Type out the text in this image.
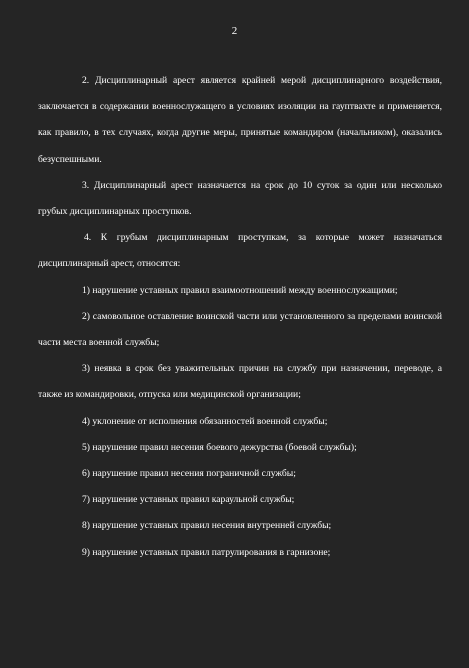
2

2. Дисциплинарный арест является крайней мерой дисциплинарного воздействия, заключается в содержании военнослужащего в условиях изоляции на гауптвахте и применяется, как правило, в тех случаях, когда другие меры, принятые командиром (начальником), оказались безуспешными.

3. Дисциплинарный арест назначается на срок до 10 суток за один или несколько грубых дисциплинарных проступков.

4. К грубым дисциплинарным проступкам, за которые может назначаться дисциплинарный арест, относятся:

1) нарушение уставных правил взаимоотношений между военнослужащими;

2) самовольное оставление воинской части или установленного за пределами воинской части места военной службы;

3) неявка в срок без уважительных причин на службу при назначении, переводе, а также из командировки, отпуска или медицинской организации;

4) уклонение от исполнения обязанностей военной службы;

5) нарушение правил несения боевого дежурства (боевой службы);

6) нарушение правил несения пограничной службы;

7) нарушение уставных правил караульной службы;

8) нарушение уставных правил несения внутренней службы;

9) нарушение уставных правил патрулирования в гарнизоне;
